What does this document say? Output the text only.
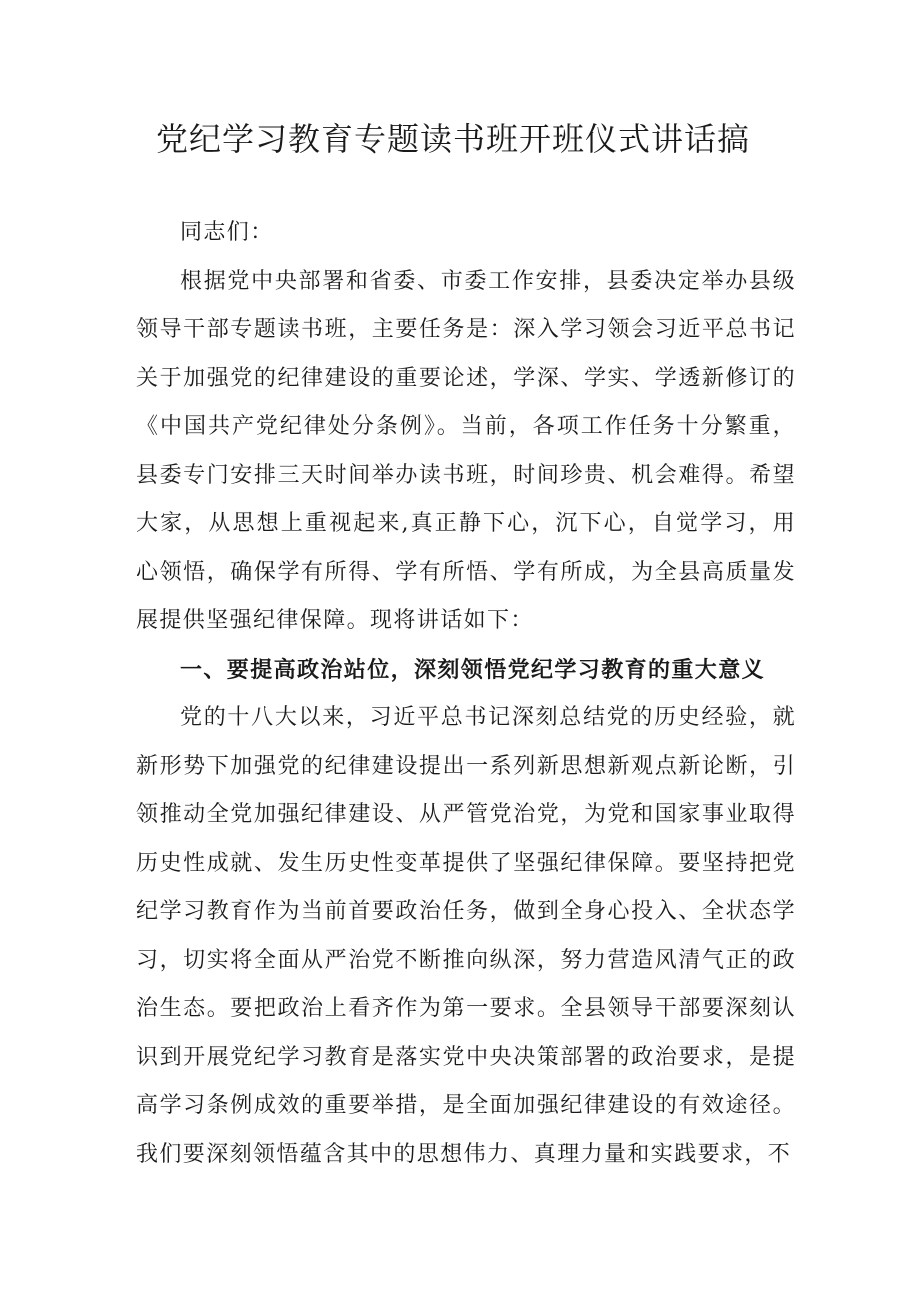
党纪学习教育专题读书班开班仪式讲话搞

同志们：

根据党中央部署和省委、市委工作安排，县委决定举办县级领导干部专题读书班，主要任务是：深入学习领会习近平总书记关于加强党的纪律建设的重要论述，学深、学实、学透新修订的《中国共产党纪律处分条例》。当前，各项工作任务十分繁重，县委专门安排三天时间举办读书班，时间珍贵、机会难得。希望大家，从思想上重视起来,真正静下心，沉下心，自觉学习，用心领悟，确保学有所得、学有所悟、学有所成，为全县高质量发展提供坚强纪律保障。现将讲话如下：

一、要提高政治站位，深刻领悟党纪学习教育的重大意义

党的十八大以来，习近平总书记深刻总结党的历史经验，就新形势下加强党的纪律建设提出一系列新思想新观点新论断，引领推动全党加强纪律建设、从严管党治党，为党和国家事业取得历史性成就、发生历史性变革提供了坚强纪律保障。要坚持把党纪学习教育作为当前首要政治任务，做到全身心投入、全状态学习，切实将全面从严治党不断推向纵深，努力营造风清气正的政治生态。要把政治上看齐作为第一要求。全县领导干部要深刻认识到开展党纪学习教育是落实党中央决策部署的政治要求，是提高学习条例成效的重要举措，是全面加强纪律建设的有效途径。我们要深刻领悟蕴含其中的思想伟力、真理力量和实践要求，不
